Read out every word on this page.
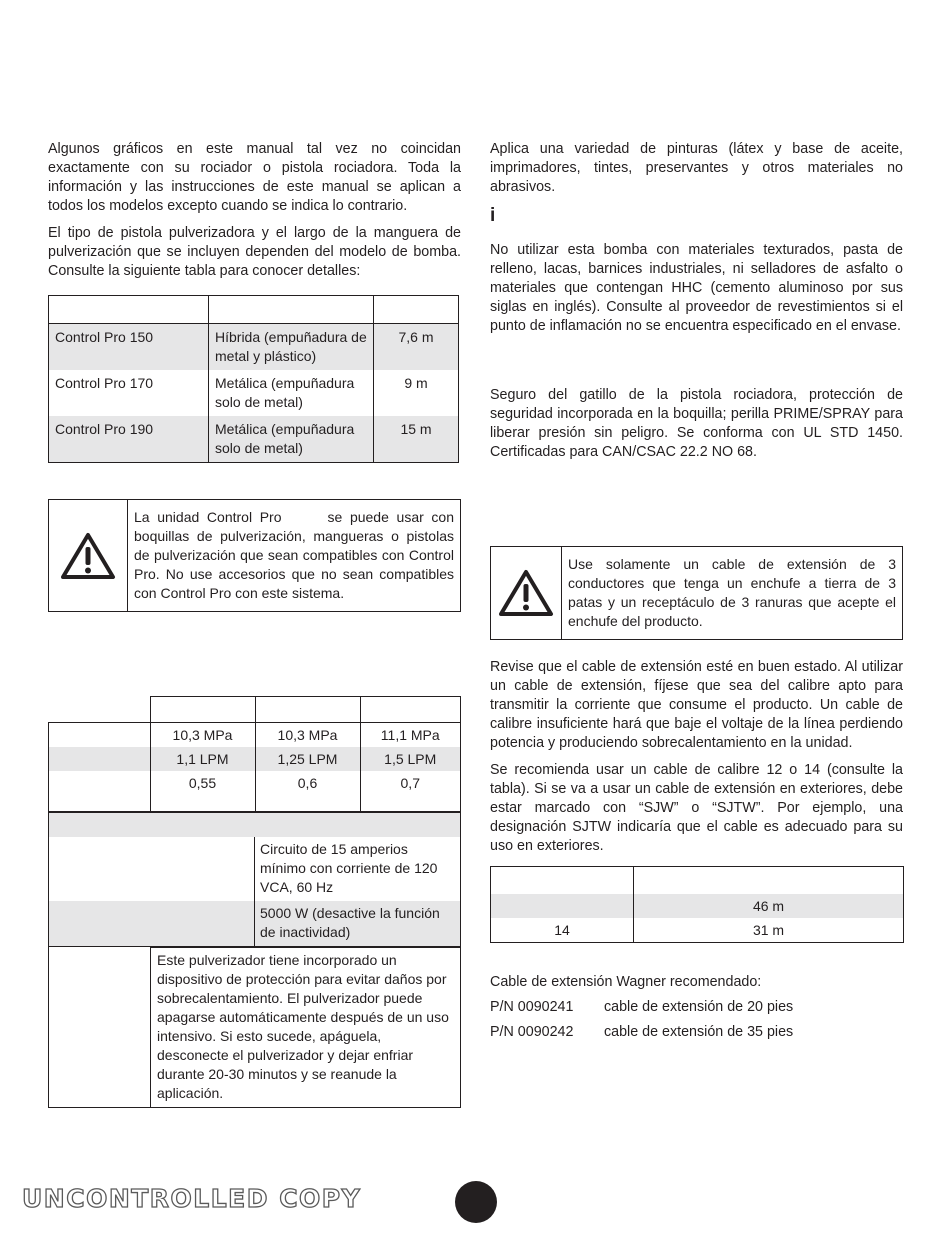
Algunos gráficos en este manual tal vez no coincidan exactamente con su rociador o pistola rociadora. Toda la información y las instrucciones de este manual se aplican a todos los modelos excepto cuando se indica lo contrario.

El tipo de pistola pulverizadora y el largo de la manguera de pulverización que se incluyen dependen del modelo de bomba. Consulte la siguiente tabla para conocer detalles:

Control Pro 150	Híbrida (empuñadura de metal y plástico)	7,6 m
Control Pro 170	Metálica (empuñadura solo de metal)	9 m
Control Pro 190	Metálica (empuñadura solo de metal)	15 m
La unidad Control Pro	se puede usar con boquillas de pulverización, mangueras o pistolas de pulverización que sean compatibles con Control Pro. No use accesorios que no sean compatibles con Control Pro con este sistema.

	10,3 MPa	10,3 MPa	11,1 MPa
	1,1 LPM	1,25 LPM	1,5 LPM
	0,55	0,6	0,7

	Circuito de 15 amperios mínimo con corriente de 120 VCA, 60 Hz
	5000 W (desactive la función de inactividad)
	Este pulverizador tiene incorporado un dispositivo de protección para evitar daños por sobrecalentamiento. El pulverizador puede apagarse automáticamente después de un uso intensivo. Si esto sucede, apáguela, desconecte el pulverizador y dejar enfriar durante 20-30 minutos y se reanude la aplicación.

Aplica una variedad de pinturas (látex y base de aceite, imprimadores, tintes, preservantes y otros materiales no abrasivos.

i

No utilizar esta bomba con materiales texturados, pasta de relleno, lacas, barnices industriales, ni selladores de asfalto o materiales que contengan HHC (cemento aluminoso por sus siglas en inglés). Consulte al proveedor de revestimientos si el punto de inflamación no se encuentra especificado en el envase.

Seguro del gatillo de la pistola rociadora, protección de seguridad incorporada en la boquilla; perilla PRIME/SPRAY para liberar presión sin peligro. Se conforma con UL STD 1450. Certificadas para CAN/CSAC 22.2 NO 68.

Use solamente un cable de extensión de 3 conductores que tenga un enchufe a tierra de 3 patas y un receptáculo de 3 ranuras que acepte el enchufe del producto.

Revise que el cable de extensión esté en buen estado. Al utilizar un cable de extensión, fíjese que sea del calibre apto para transmitir la corriente que consume el producto. Un cable de calibre insuficiente hará que baje el voltaje de la línea perdiendo potencia y produciendo sobrecalentamiento en la unidad.

Se recomienda usar un cable de calibre 12 o 14 (consulte la tabla). Si se va a usar un cable de extensión en exteriores, debe estar marcado con “SJW” o “SJTW”. Por ejemplo, una designación SJTW indicaría que el cable es adecuado para su uso en exteriores.

	46 m
14	31 m
Cable de extensión Wagner recomendado:
P/N 0090241	cable de extensión de 20 pies
P/N 0090242	cable de extensión de 35 pies
UNCONTROLLED COPY
